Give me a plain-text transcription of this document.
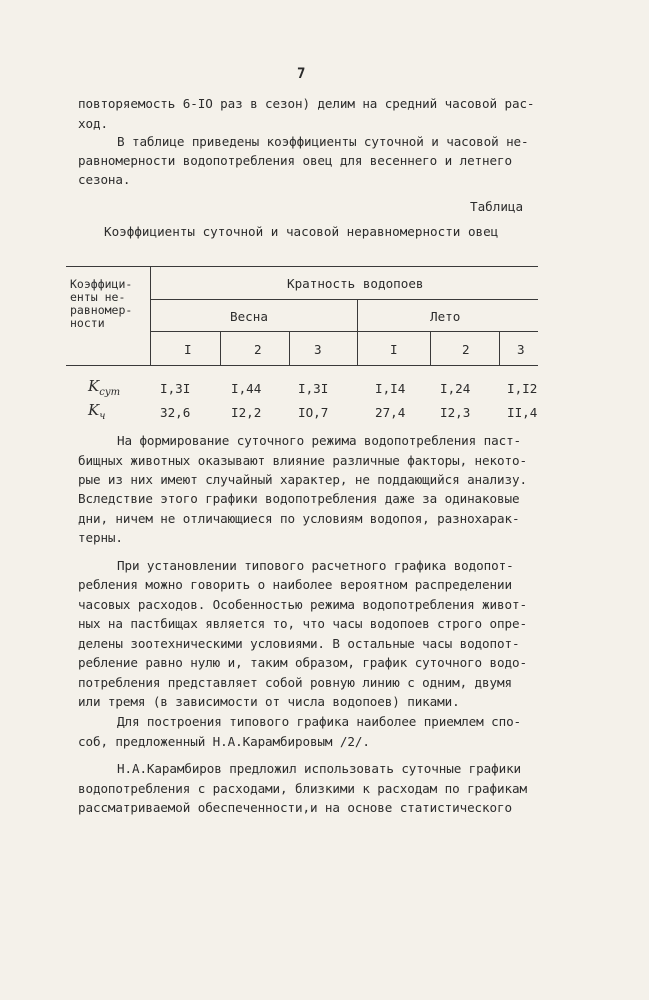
7
повторяемость 6-IO раз в сезон) делим на средний часовой рас-
ход.
В таблице приведены коэффициенты суточной и часовой не-
равномерности водопотребления овец для весеннего и летнего
сезона.
Таблица
Коэффициенты суточной и часовой неравномерности овец
Коэффици-
енты не-
равномер-
ности
Кратность водопоев
Весна	Лето
I	2	3	I	2	3
$K_{сут}$	I,3I	I,44	I,3I	I,I4	I,24	I,I2
$K_ч$	32,6	I2,2	IO,7	27,4	I2,3	II,4
На формирование суточного режима водопотребления паст-
бищных животных оказывают влияние различные факторы, некото-
рые из них имеют случайный характер, не поддающийся анализу.
Вследствие этого графики водопотребления даже за одинаковые
дни, ничем не отличающиеся по условиям водопоя, разнохарак-
терны.
При установлении типового расчетного графика водопот-
ребления можно говорить о наиболее вероятном распределении
часовых расходов. Особенностью режима водопотребления живот-
ных на пастбищах является то, что часы водопоев строго опре-
делены зоотехническими условиями. В остальные часы водопот-
ребление равно нулю и, таким образом, график суточного водо-
потребления представляет собой ровную линию с одним, двумя
или тремя (в зависимости от числа водопоев) пиками.
Для построения типового графика наиболее приемлем спо-
соб, предложенный Н.А.Карамбировым /2/.
Н.А.Карамбиров предложил использовать суточные графики
водопотребления с расходами, близкими к расходам по графикам
рассматриваемой обеспеченности,и на основе статистического
